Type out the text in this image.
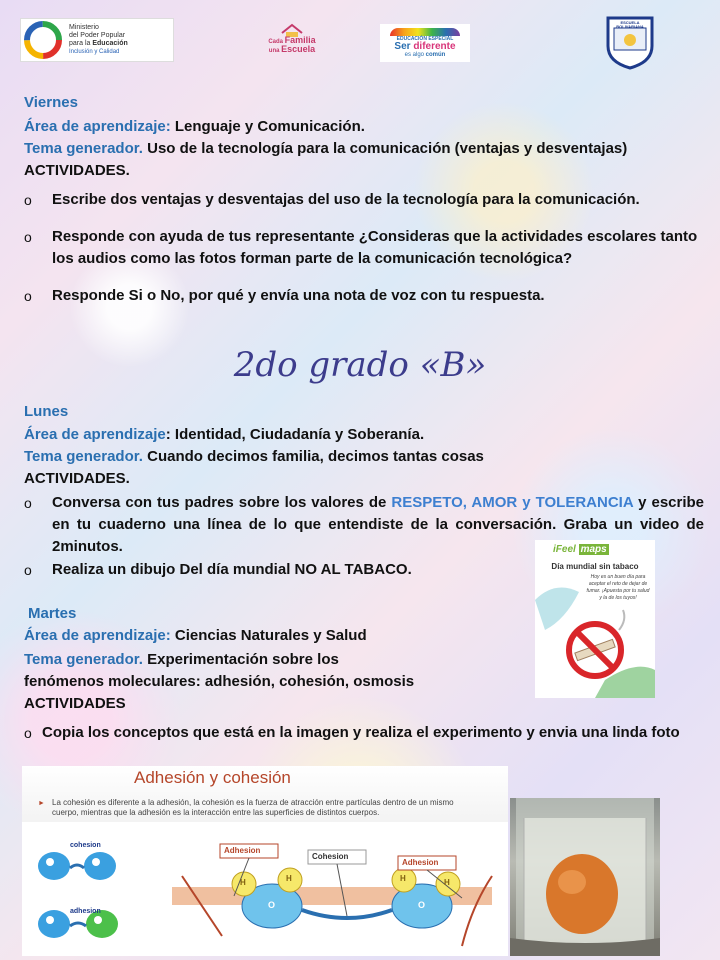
Ministerio
del Poder Popular
para la Educación
Inclusión y Calidad
Cada Familia
una Escuela
EDUCACIÓN ESPECIAL
Ser diferente
es algo común
ESCUELA
BOLIVARIANA
Viernes
Área de aprendizaje: Lenguaje y Comunicación.
Tema generador. Uso de la tecnología para la comunicación (ventajas y desventajas)
ACTIVIDADES.
o	Escribe dos ventajas y desventajas del uso de la tecnología para la comunicación.
o	Responde con ayuda de tus representante ¿Consideras que la actividades escolares tanto los audios como las fotos forman parte de la comunicación tecnológica?
o	Responde Si o No, por qué y envía una nota de voz con tu respuesta.
2do grado «B»
Lunes
Área de aprendizaje: Identidad, Ciudadanía y Soberanía.
Tema generador. Cuando decimos familia, decimos tantas cosas
ACTIVIDADES.
o	Conversa con tus padres sobre los valores de RESPETO, AMOR y TOLERANCIA y escribe en tu cuaderno una línea de lo que entendiste de la conversación. Graba un video de 2minutos.
o	Realiza un dibujo Del día mundial NO AL TABACO.
iFeel maps
Día mundial sin tabaco
Hoy es un buen día para aceptar el reto de dejar de fumar. ¡Apuesta por tu salud y la de los tuyos!
Martes
Área de aprendizaje: Ciencias Naturales y Salud
Tema generador. Experimentación sobre los
fenómenos moleculares: adhesión, cohesión, osmosis
ACTIVIDADES
o Copia los conceptos que está en la imagen y realiza el experimento y envia una linda foto
Adhesión y cohesión
La cohesión es diferente a la adhesión, la cohesión es la fuerza de atracción entre partículas dentro de un mismo cuerpo, mientras que la adhesión es la interacción entre las superficies de distintos cuerpos.
►
cohesion
adhesion
Adhesion
Cohesion
Adhesion
H	H
O	O
H	H
